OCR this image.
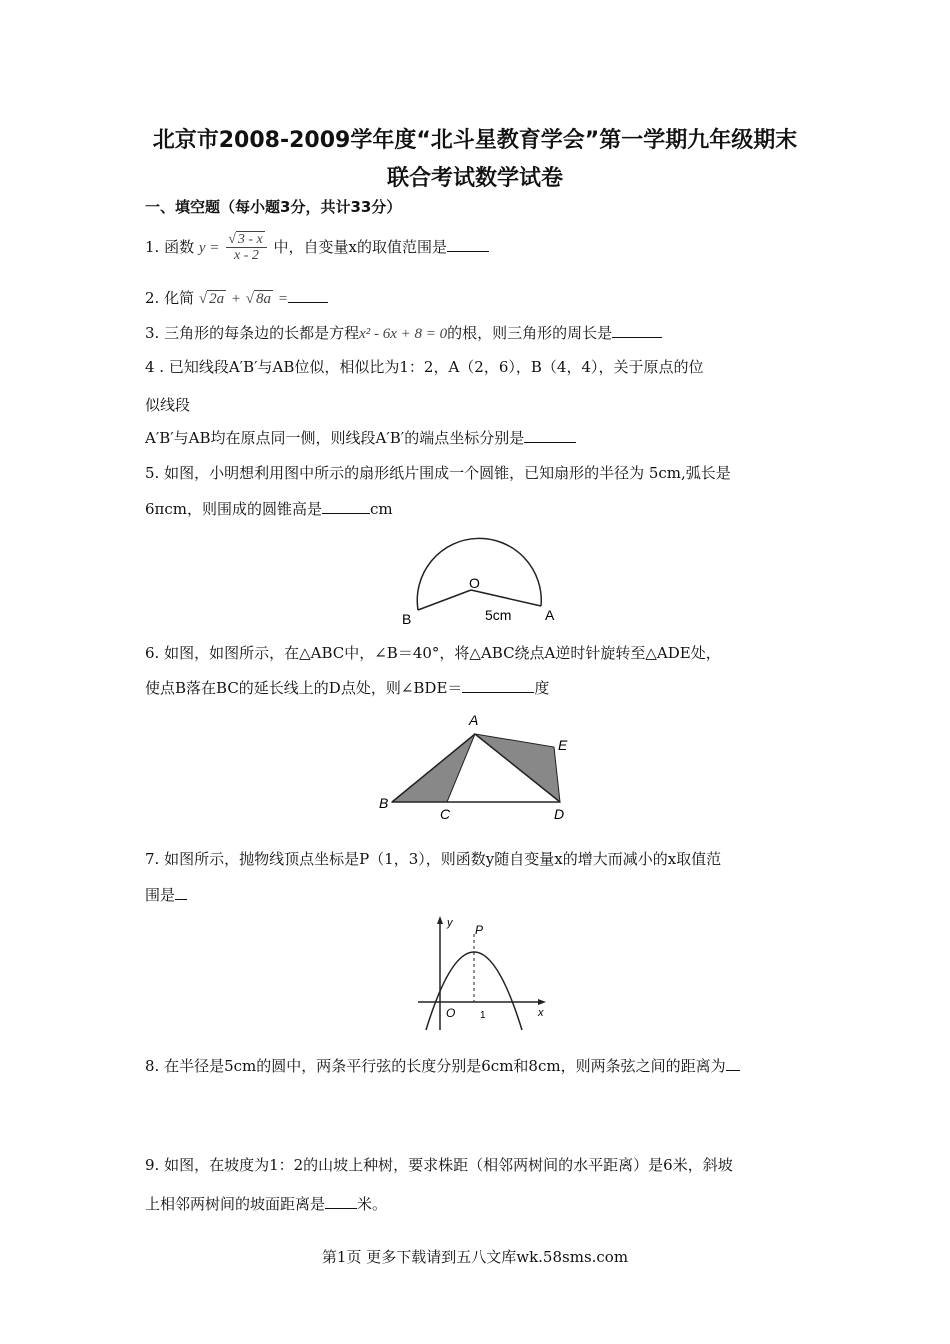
北京市2008-2009学年度“北斗星教育学会”第一学期九年级期末
联合考试数学试卷
一、填空题（每小题3分，共计33分）
1. 函数 $y = \frac{√ 3 - x}{x - 2}$ 中，自变量x的取值范围是
2. 化简 √ 2a + √ 8a =
3. 三角形的每条边的长都是方程x² - 6x + 8 = 0的根，则三角形的周长是
4 . 已知线段A′B′与AB位似，相似比为1：2，A（2，6），B（4，4），关于原点的位
似线段
A′B′与AB均在原点同一侧，则线段A′B′的端点坐标分别是
5. 如图，小明想利用图中所示的扇形纸片围成一个圆锥，已知扇形的半径为 5cm,弧长是
6πcm，则围成的圆锥高是	cm
O
A
B	5cm
6. 如图，如图所示，在△ABC中，∠B＝40°，将△ABC绕点A逆时针旋转至△ADE处，
使点B落在BC的延长线上的D点处，则∠BDE＝	度
A
B
C	D
E
7. 如图所示，抛物线顶点坐标是P（1，3），则函数y随自变量x的增大而减小的x取值范
围是
y
x
P
O 1
8. 在半径是5cm的圆中，两条平行弦的长度分别是6cm和8cm，则两条弦之间的距离为
9. 如图，在坡度为1：2的山坡上种树，要求株距（相邻两树间的水平距离）是6米，斜坡
上相邻两树间的坡面距离是 米。
第1页 更多下载请到五八文库wk.58sms.com
